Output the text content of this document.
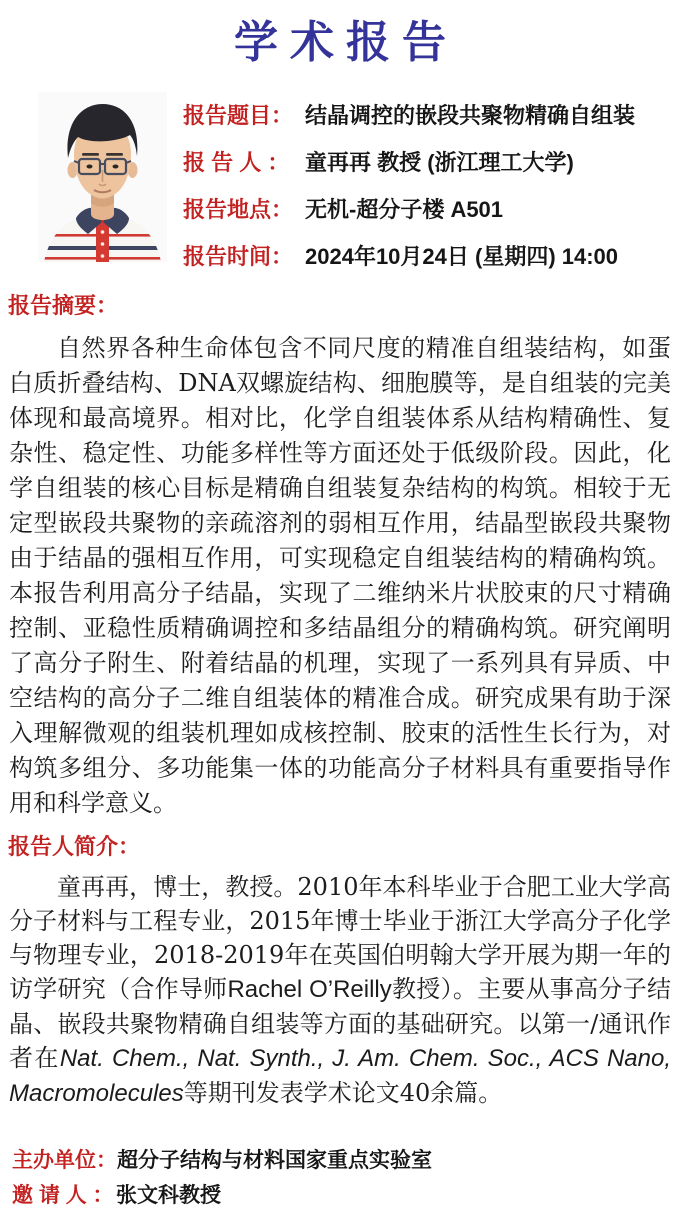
学术报告
报告题目： 结晶调控的嵌段共聚物精确自组装
报 告 人 ： 童再再 教授 (浙江理工大学)
报告地点： 无机-超分子楼 A501
报告时间： 2024年10月24日 (星期四) 14:00
报告摘要：

自然界各种生命体包含不同尺度的精准自组装结构，如蛋白质折叠结构、DNA双螺旋结构、细胞膜等，是自组装的完美体现和最高境界。相对比，化学自组装体系从结构精确性、复杂性、稳定性、功能多样性等方面还处于低级阶段。因此，化学自组装的核心目标是精确自组装复杂结构的构筑。相较于无定型嵌段共聚物的亲疏溶剂的弱相互作用，结晶型嵌段共聚物由于结晶的强相互作用，可实现稳定自组装结构的精确构筑。本报告利用高分子结晶，实现了二维纳米片状胶束的尺寸精确控制、亚稳性质精确调控和多结晶组分的精确构筑。研究阐明了高分子附生、附着结晶的机理，实现了一系列具有异质、中空结构的高分子二维自组装体的精准合成。研究成果有助于深入理解微观的组装机理如成核控制、胶束的活性生长行为，对构筑多组分、多功能集一体的功能高分子材料具有重要指导作用和科学意义。

报告人简介：

童再再，博士，教授。2010年本科毕业于合肥工业大学高分子材料与工程专业，2015年博士毕业于浙江大学高分子化学与物理专业，2018-2019年在英国伯明翰大学开展为期一年的访学研究（合作导师Rachel O’Reilly教授）。主要从事高分子结晶、嵌段共聚物精确自组装等方面的基础研究。以第一/通讯作者在Nat. Chem., Nat. Synth., J. Am. Chem. Soc., ACS Nano, Macromolecules等期刊发表学术论文40余篇。

主办单位： 超分子结构与材料国家重点实验室
邀 请 人 ： 张文科教授
